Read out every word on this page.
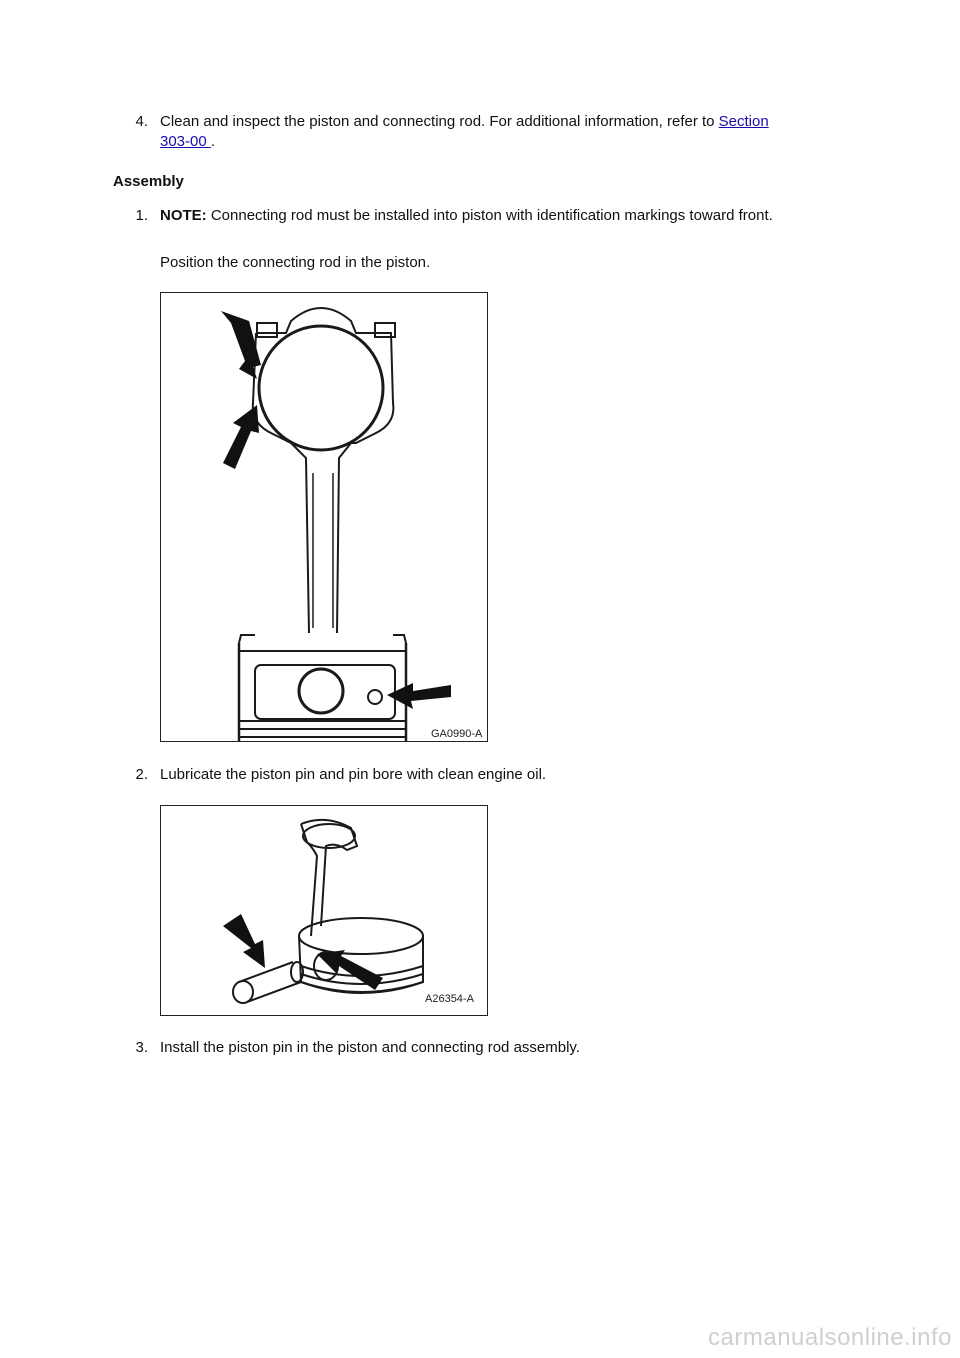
4. Clean and inspect the piston and connecting rod. For additional information, refer to Section
303-00 .
Assembly
1. NOTE: Connecting rod must be installed into piston with identification markings toward front.
Position the connecting rod in the piston.
GA0990-A
2. Lubricate the piston pin and pin bore with clean engine oil.
A26354-A
3. Install the piston pin in the piston and connecting rod assembly.
carmanualsonline.info
